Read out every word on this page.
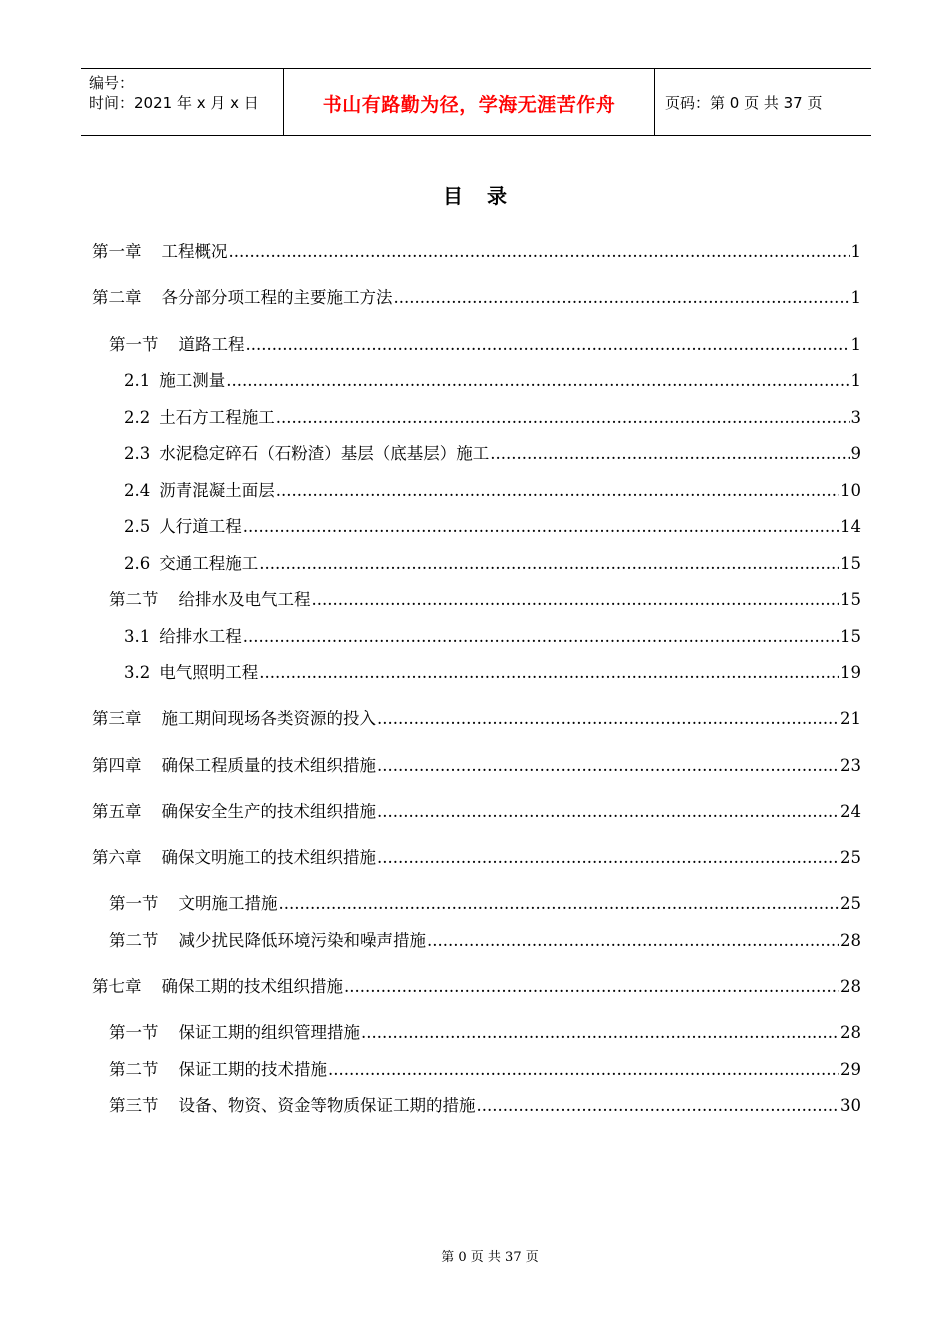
编号：
时间：2021 年 x 月 x 日	书山有路勤为径，学海无涯苦作舟	页码：第 0 页 共 37 页
目录
第一章 工程概况 .....	1
第二章 各分部分项工程的主要施工方法 .....	1
第一节 道路工程 .....	1
2.1 施工测量 .....	1
2.2 土石方工程施工 .....	3
2.3 水泥稳定碎石（石粉渣）基层（底基层）施工 .....	9
2.4 沥青混凝土面层 .....	10
2.5 人行道工程 .....	14
2.6 交通工程施工 .....	15
第二节 给排水及电气工程 .....	15
3.1 给排水工程 .....	15
3.2 电气照明工程 .....	19
第三章 施工期间现场各类资源的投入 .....	21
第四章 确保工程质量的技术组织措施 .....	23
第五章 确保安全生产的技术组织措施 .....	24
第六章 确保文明施工的技术组织措施 .....	25
第一节 文明施工措施 .....	25
第二节 减少扰民降低环境污染和噪声措施 .....	28
第七章 确保工期的技术组织措施 .....	28
第一节 保证工期的组织管理措施 .....	28
第二节 保证工期的技术措施 .....	29
第三节 设备、物资、资金等物质保证工期的措施 .....	30
第 0 页 共 37 页
